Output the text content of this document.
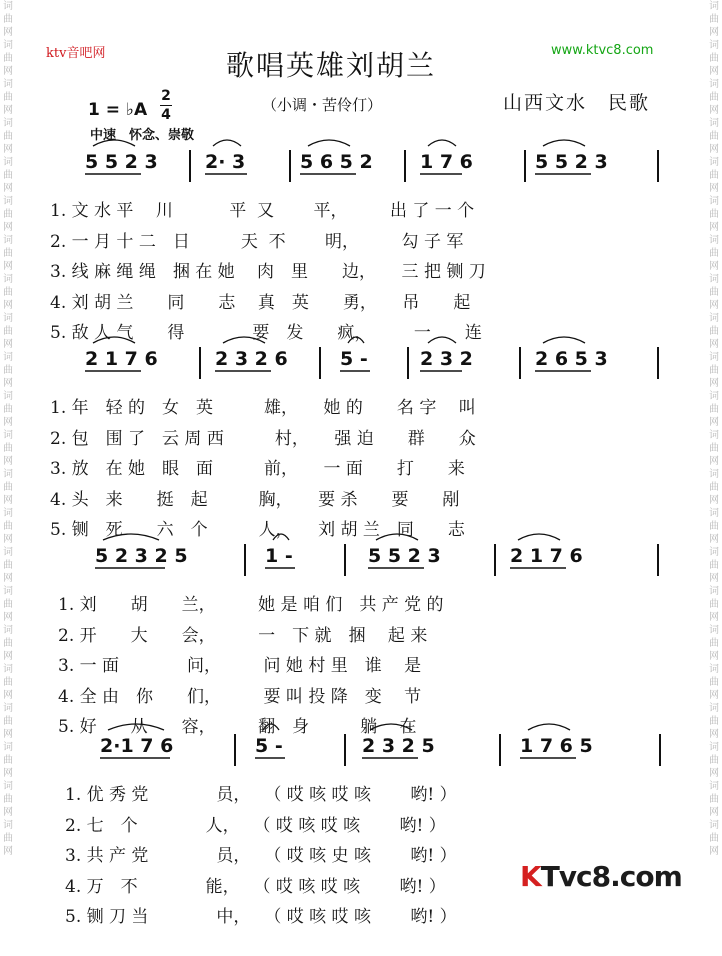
词曲网词曲网词曲网词曲网词曲网词曲网词曲网词曲网词曲网词曲网词曲网词曲网词曲网词曲网词曲网词曲网词曲网词曲网词曲网词曲网词曲网词曲网
词曲网词曲网词曲网词曲网词曲网词曲网词曲网词曲网词曲网词曲网词曲网词曲网词曲网词曲网词曲网词曲网词曲网词曲网词曲网词曲网词曲网词曲网
ktv音吧网	www.ktvc8.com
歌唱英雄刘胡兰
（小调・苦伶仃）	山西文水　民歌
1 = ♭A
2
4
中速　怀念、崇敬
5 5 2 3 2· 3	5 6 5 2 1 7 6	5 5 2 3
2 1 7 6	2 3 2 6	5 -	2 3 2	2 6 5 3
5 2 3 2 5	1 -	5 5 2 3	2 1 7 6
2·1 7 6	5 -	2 3 2 5	1 7 6 5
1. 文 水 平　 川　　　 平  又　　 平，　　　出 了 一 个
2. 一 月 十 二　日　　　天  不　　 明，　　　勾 子 军
3. 线 麻 绳 绳　捆 在 她　 肉　里　　边，　　三 把 铡 刀
4. 刘 胡 兰　　同　　志　 真　英　　勇，　　吊　　起
5. 敌 人 气　　得　　　　要　发　　疯，　　　一　　连
1. 年　轻 的　女　英　　　雄，　　她 的　　名 字　 叫
2. 包　围 了　云 周 西　　　村，　　强 迫　　群　　众
3. 放　在 她　眼　面　　　前，　　一 面　　打　　来
4. 头　来　　挺　起　　　胸，　　要 杀　　要　　剐
5. 铡　死　　六　个　　　人，　　刘 胡 兰　同　　志
1. 刘　　胡　　兰，　　　她 是 咱 们　共 产 党 的
2. 开　　大　　会，　　　一　下 就　捆　 起 来
3. 一 面　　　　问，　　　问 她 村 里　谁　 是
4. 全 由　你　　们，　　　要 叫 投 降　变　 节
5. 好　　从　　容，　　　翻　身　　　躺　 在
1. 优 秀 党　　　　员，　 （ 哎 咳 哎 咳　　 哟! ）
2. 七　个　　　　人，　 （ 哎 咳 哎 咳　　 哟! ）
3. 共 产 党　　　　员，　 （ 哎 咳 史 咳　　 哟! ）
4. 万　不　　　　能，　 （ 哎 咳 哎 咳　　 哟! ）
5. 铡 刀 当　　　　中，　 （ 哎 咳 哎 咳　　 哟! ）
KTvc8.com
